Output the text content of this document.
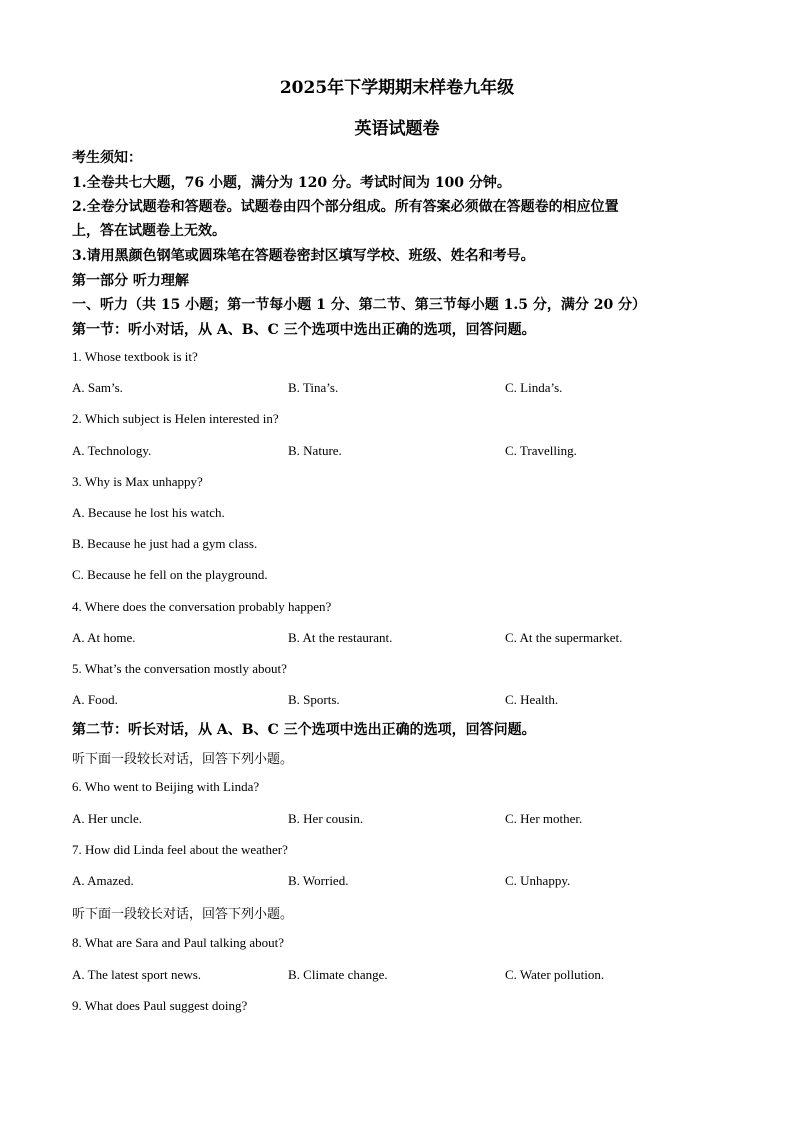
2025年下学期期末样卷九年级
英语试题卷
考生须知：
1.全卷共七大题，76 小题，满分为 120 分。考试时间为 100 分钟。
2.全卷分试题卷和答题卷。试题卷由四个部分组成。所有答案必须做在答题卷的相应位置
上，答在试题卷上无效。
3.请用黑颜色钢笔或圆珠笔在答题卷密封区填写学校、班级、姓名和考号。
第一部分 听力理解
一、听力（共 15 小题；第一节每小题 1 分、第二节、第三节每小题 1.5 分，满分 20 分）
第一节：听小对话，从 A、B、C 三个选项中选出正确的选项，回答问题。
1. Whose textbook is it?
A. Sam’s.	B. Tina’s.	C. Linda’s.
2. Which subject is Helen interested in?
A. Technology.	B. Nature.	C. Travelling.
3. Why is Max unhappy?
A. Because he lost his watch.
B. Because he just had a gym class.
C. Because he fell on the playground.
4. Where does the conversation probably happen?
A. At home.	B. At the restaurant.	C. At the supermarket.
5. What’s the conversation mostly about?
A. Food.	B. Sports.	C. Health.
第二节：听长对话，从 A、B、C 三个选项中选出正确的选项，回答问题。
听下面一段较长对话，回答下列小题。
6. Who went to Beijing with Linda?
A. Her uncle.	B. Her cousin.	C. Her mother.
7. How did Linda feel about the weather?
A. Amazed.	B. Worried.	C. Unhappy.
听下面一段较长对话，回答下列小题。
8. What are Sara and Paul talking about?
A. The latest sport news.	B. Climate change.	C. Water pollution.
9. What does Paul suggest doing?
